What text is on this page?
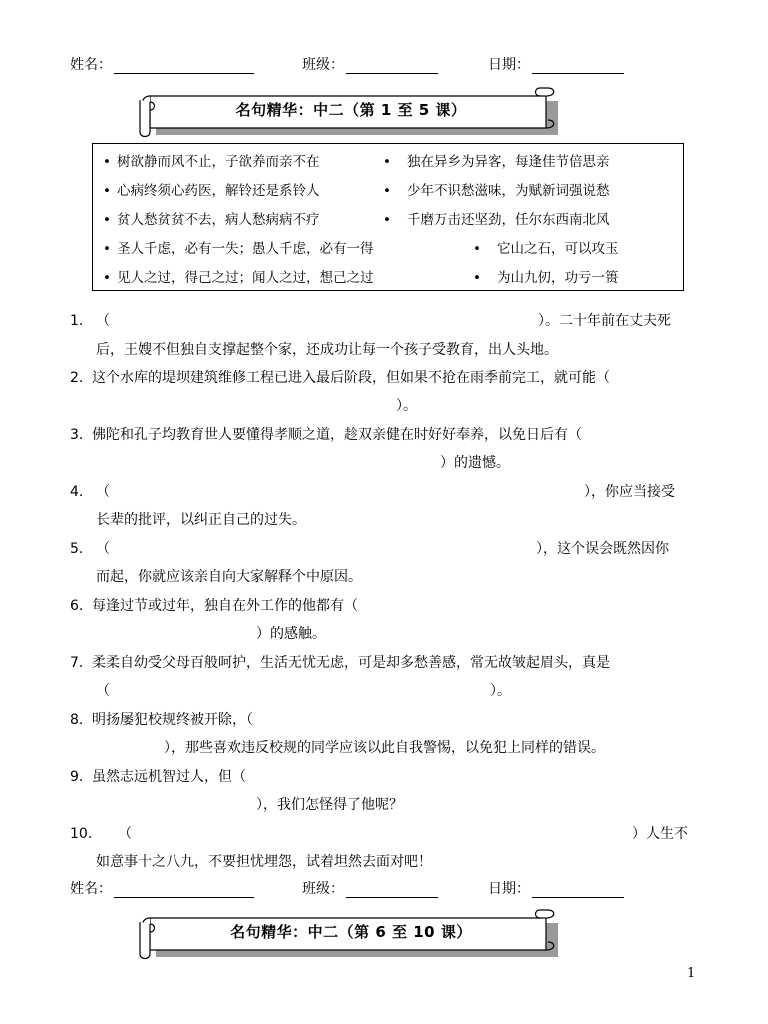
姓名：	班级：	日期：
名句精华：中二（第 1 至 5 课）
• 树欲静而风不止，子欲养而亲不在	• 独在异乡为异客，每逢佳节倍思亲
• 心病终须心药医，解铃还是系铃人	• 少年不识愁滋味，为赋新词强说愁
• 贫人愁贫贫不去，病人愁病病不疗	• 千磨万击还坚劲，任尔东西南北风
• 圣人千虑，必有一失；愚人千虑，必有一得	• 它山之石，可以攻玉
• 见人之过，得己之过；闻人之过，想己之过	• 为山九仞，功亏一篑
1. （	）。二十年前在丈夫死
后，王嫂不但独自支撑起整个家，还成功让每一个孩子受教育，出人头地。
2. 这个水库的堤坝建筑维修工程已进入最后阶段，但如果不抢在雨季前完工，就可能（
）。
3. 佛陀和孔子均教育世人要懂得孝顺之道，趁双亲健在时好好奉养，以免日后有（
）的遗憾。
4. （	），你应当接受
长辈的批评，以纠正自己的过失。
5. （	），这个误会既然因你
而起，你就应该亲自向大家解释个中原因。
6. 每逢过节或过年，独自在外工作的他都有（
）的感触。
7. 柔柔自幼受父母百般呵护，生活无忧无虑，可是却多愁善感，常无故皱起眉头，真是
（	）。
8. 明扬屡犯校规终被开除，（
），那些喜欢违反校规的同学应该以此自我警惕，以免犯上同样的错误。
9. 虽然志远机智过人，但（
），我们怎怪得了他呢？
10. （	）人生不
如意事十之八九，不要担忧埋怨，试着坦然去面对吧！
姓名：	班级：	日期：
名句精华：中二（第 6 至 10 课）
1
